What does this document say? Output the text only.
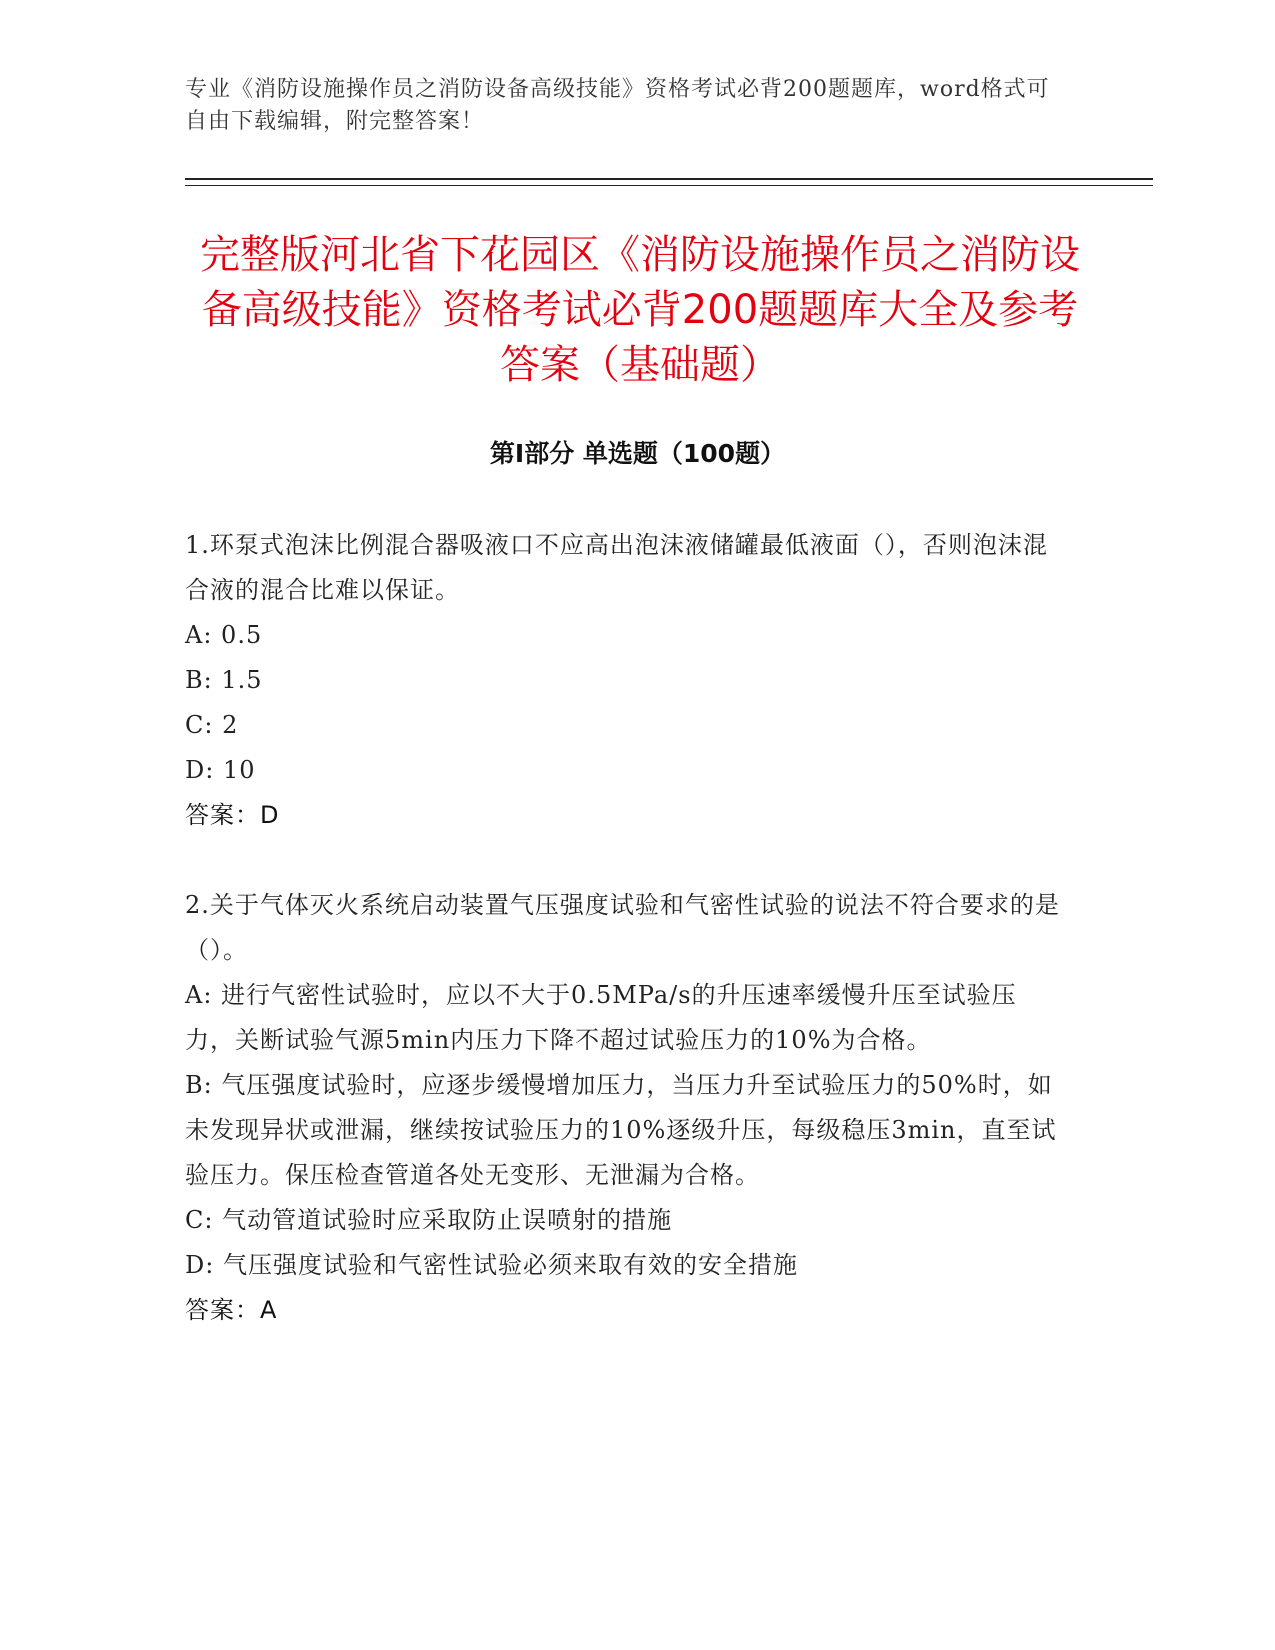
专业《消防设施操作员之消防设备高级技能》资格考试必背200题题库，word格式可自由下载编辑，附完整答案！
完整版河北省下花园区《消防设施操作员之消防设备高级技能》资格考试必背200题题库大全及参考答案（基础题）
第I部分 单选题（100题）

1.环泵式泡沫比例混合器吸液口不应高出泡沫液储罐最低液面（），否则泡沫混合液的混合比难以保证。

A: 0.5

B: 1.5

C: 2

D: 10

答案：D

2.关于气体灭火系统启动装置气压强度试验和气密性试验的说法不符合要求的是（）。

A: 进行气密性试验时，应以不大于0.5MPa/s的升压速率缓慢升压至试验压力，关断试验气源5min内压力下降不超过试验压力的10%为合格。

B: 气压强度试验时，应逐步缓慢增加压力，当压力升至试验压力的50%时，如未发现异状或泄漏，继续按试验压力的10%逐级升压，每级稳压3min，直至试验压力。保压检查管道各处无变形、无泄漏为合格。

C: 气动管道试验时应采取防止误喷射的措施

D: 气压强度试验和气密性试验必须来取有效的安全措施

答案：A
